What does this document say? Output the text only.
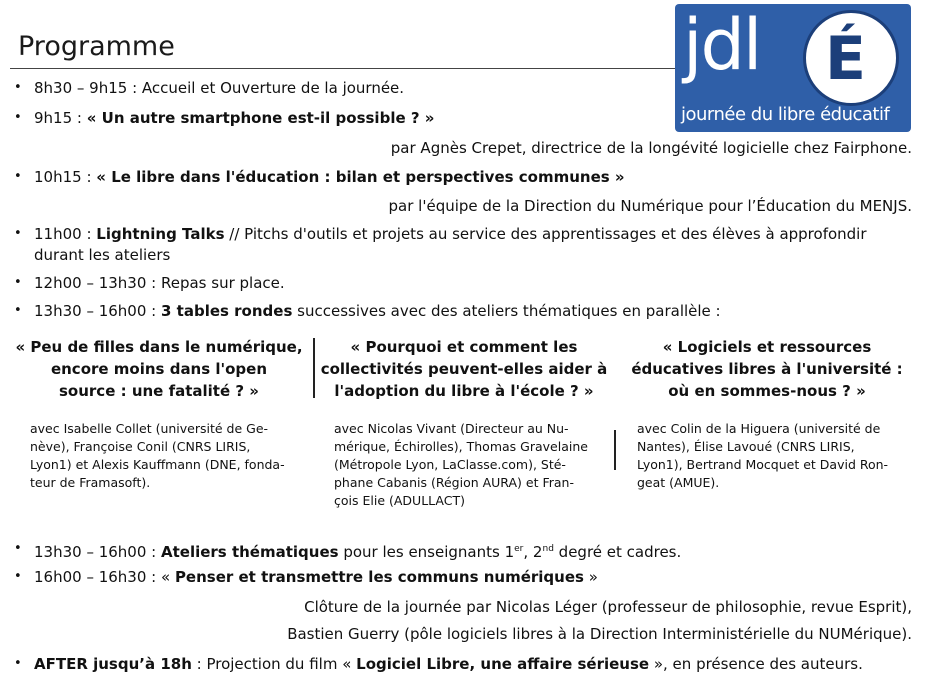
Programme	jdl É
journée du libre éducatif
• 8h30 – 9h15 : Accueil et Ouverture de la journée.
• 9h15 : « Un autre smartphone est-il possible ? »
par Agnès Crepet, directrice de la longévité logicielle chez Fairphone.
• 10h15 : « Le libre dans l'éducation : bilan et perspectives communes »
par l'équipe de la Direction du Numérique pour l’Éducation du MENJS.
• 11h00 : Lightning Talks // Pitchs d'outils et projets au service des apprentissages et des élèves à approfondir
durant les ateliers
• 12h00 – 13h30 : Repas sur place.
• 13h30 – 16h00 : 3 tables rondes successives avec des ateliers thématiques en parallèle :
« Peu de filles dans le numérique,
encore moins dans l'open
source : une fatalité ? »
avec Isabelle Collet (université de Ge-
nève), Françoise Conil (CNRS LIRIS,
Lyon1) et Alexis Kauffmann (DNE, fonda-
teur de Framasoft).
« Pourquoi et comment les
collectivités peuvent-elles aider à
l'adoption du libre à l'école ? »
avec Nicolas Vivant (Directeur au Nu-
mérique, Échirolles), Thomas Gravelaine
(Métropole Lyon, LaClasse.com), Sté-
phane Cabanis (Région AURA) et Fran-
çois Elie (ADULLACT)
« Logiciels et ressources
éducatives libres à l'université :
où en sommes-nous ? »
avec Colin de la Higuera (université de
Nantes), Élise Lavoué (CNRS LIRIS,
Lyon1), Bertrand Mocquet et David Ron-
geat (AMUE).
• 13h30 – 16h00 : Ateliers thématiques pour les enseignants 1er, 2nd degré et cadres.
• 16h00 – 16h30 : « Penser et transmettre les communs numériques »
Clôture de la journée par Nicolas Léger (professeur de philosophie, revue Esprit),
Bastien Guerry (pôle logiciels libres à la Direction Interministérielle du NUMérique).
• AFTER jusqu’à 18h : Projection du film « Logiciel Libre, une affaire sérieuse », en présence des auteurs.
